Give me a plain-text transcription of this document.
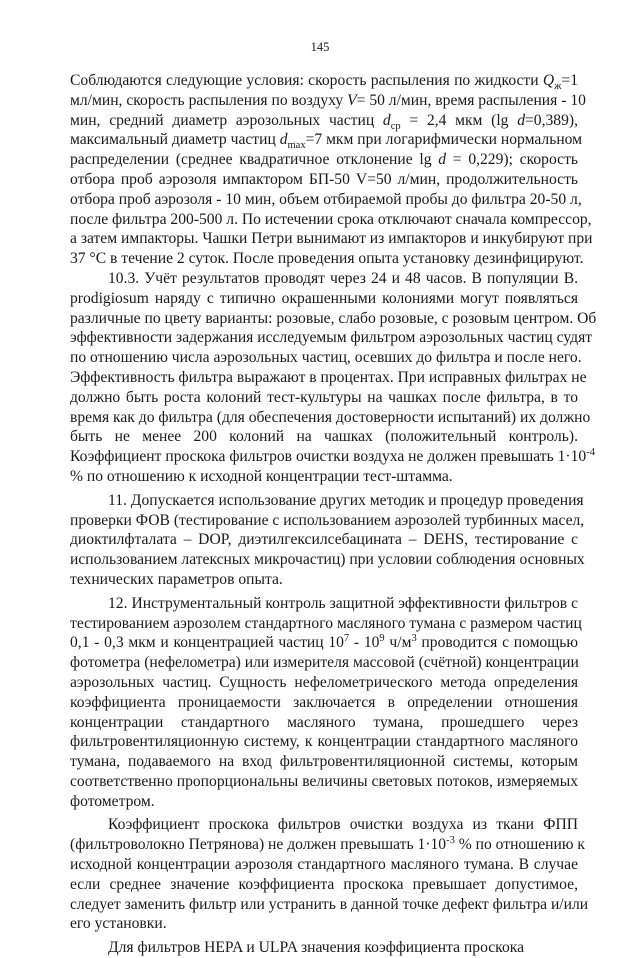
145
Соблюдаются следующие условия: скорость распыления по жидкости $Q_ж=1$
мл/мин, скорость распыления по воздуху V= 50 л/мин, время распыления - 10
мин, средний диаметр аэрозольных частиц $d_{ср} = 2,4$ мкм (lg d=0,389),
максимальный диаметр частиц $d_{max}=7$ мкм при логарифмически нормальном
распределении (среднее квадратичное отклонение lg d = 0,229); скорость
отбора проб аэрозоля импактором БП-50 V=50 л/мин, продолжительность
отбора проб аэрозоля - 10 мин, объем отбираемой пробы до фильтра 20-50 л,
после фильтра 200-500 л. По истечении срока отключают сначала компрессор,
а затем импакторы. Чашки Петри вынимают из импакторов и инкубируют при
37 °С в течение 2 суток. После проведения опыта установку дезинфицируют.
10.3. Учёт результатов проводят через 24 и 48 часов. В популяции В.
prodigiosum наряду с типично окрашенными колониями могут появляться
различные по цвету варианты: розовые, слабо розовые, с розовым центром. Об
эффективности задержания исследуемым фильтром аэрозольных частиц судят
по отношению числа аэрозольных частиц, осевших до фильтра и после него.
Эффективность фильтра выражают в процентах. При исправных фильтрах не
должно быть роста колоний тест-культуры на чашках после фильтра, в то
время как до фильтра (для обеспечения достоверности испытаний) их должно
быть не менее 200 колоний на чашках (положительный контроль).
Коэффициент проскока фильтров очистки воздуха не должен превышать $1\cdot 10^{-4}$
% по отношению к исходной концентрации тест-штамма.
11. Допускается использование других методик и процедур проведения
проверки ФОВ (тестирование с использованием аэрозолей турбинных масел,
диоктилфталата – DOP, диэтилгексилсебацината – DEHS, тестирование с
использованием латексных микрочастиц) при условии соблюдения основных
технических параметров опыта.
12. Инструментальный контроль защитной эффективности фильтров с
тестированием аэрозолем стандартного масляного тумана с размером частиц
0,1 - 0,3 мкм и концентрацией частиц $10^7 - 10^9$ $ч/м^3$ проводится с помощью
фотометра (нефелометра) или измерителя массовой (счётной) концентрации
аэрозольных частиц. Сущность нефелометрического метода определения
коэффициента проницаемости заключается в определении отношения
концентрации стандартного масляного тумана, прошедшего через
фильтровентиляционную систему, к концентрации стандартного масляного
тумана, подаваемого на вход фильтровентиляционной системы, которым
соответственно пропорциональны величины световых потоков, измеряемых
фотометром.
Коэффициент проскока фильтров очистки воздуха из ткани ФПП
(фильтроволокно Петрянова) не должен превышать $1\cdot 10^{-3}$ % по отношению к
исходной концентрации аэрозоля стандартного масляного тумана. В случае
если среднее значение коэффициента проскока превышает допустимое,
следует заменить фильтр или устранить в данной точке дефект фильтра и/или
его установки.
Для фильтров HEPA и ULPA значения коэффициента проскока
